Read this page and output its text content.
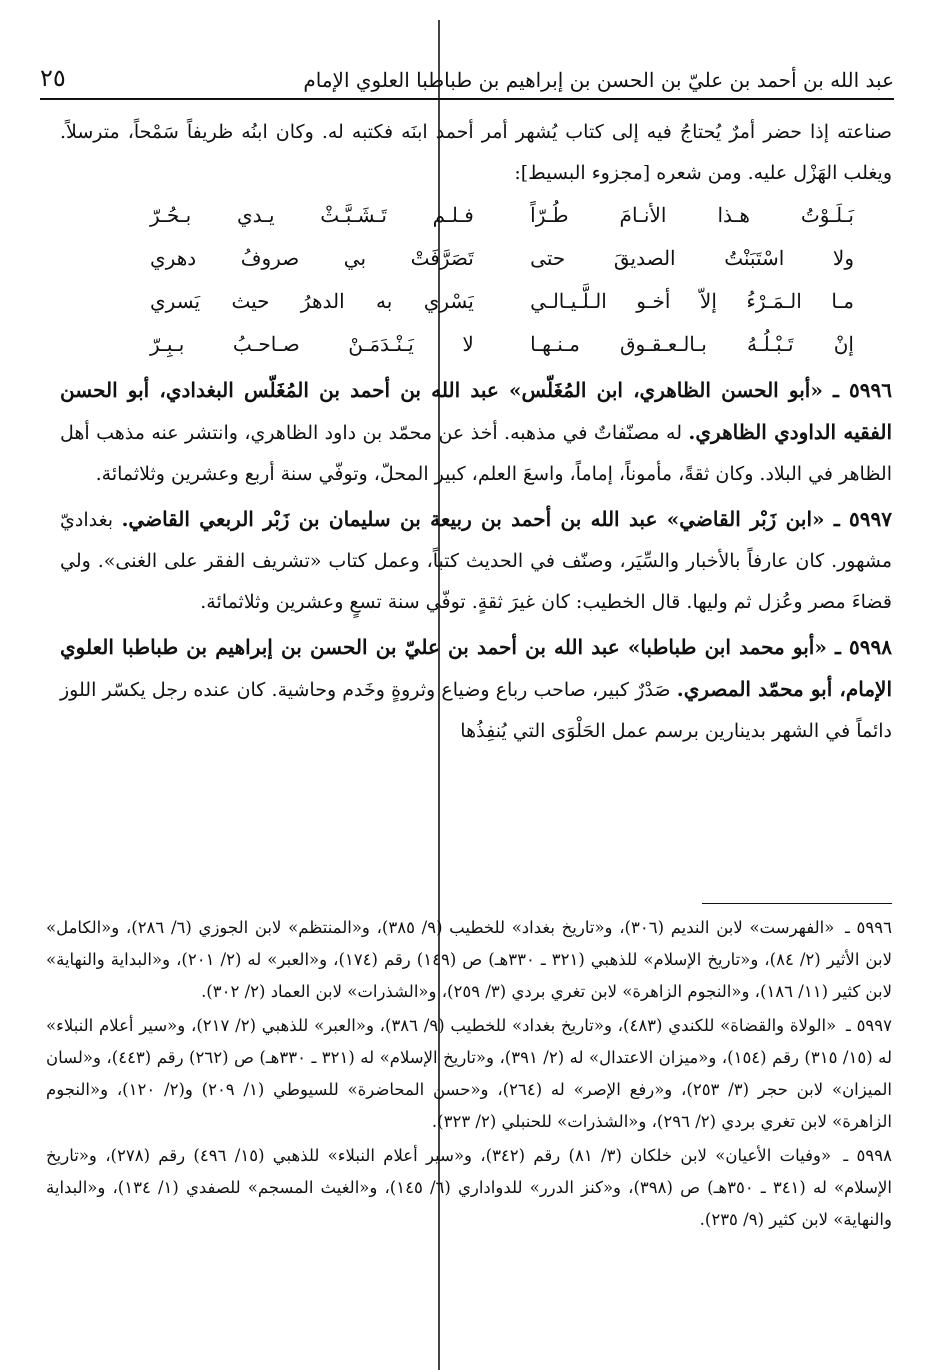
عبد الله بن أحمد بن عليّ بن الحسن بن إبراهيم بن طباطبا العلوي الإمام
٢٥

صناعته إذا حضر أمرٌ يُحتاجُ فيه إلى كتاب يُشهر أمر أحمد ابنَه فكتبه له. وكان ابنُه ظريفاً سَمْحاً، مترسلاً. ويغلب الهَزْل عليه. ومن شعره [مجزوء البسيط]:

بَـلَـوْتُ هـذا الأنـامَ طُـرّاً
فـلـم تَـشَـبَّـثْ يـدي بـحُـرّ
ولا اسْتَبَنْتُ الصديقَ حتى
تَصَرَّفَتْ بي صروفُ دهري
مـا الـمَـرْءُ إلاّ أخـو الـلَّـيـالـي
يَسْري به الدهرُ حيث يَسري
إنْ تَـبْـلُـهُ بـالـعـقـوق مـنـهـا
لا يَـنْـدَمَـنْ صـاحـبُ بـبِـرّ

٥٩٩٦ ـ «أبو الحسن الظاهري، ابن المُغَلّس» عبد الله بن أحمد بن المُغَلّس البغدادي، أبو الحسن الفقيه الداودي الظاهري. له مصنّفاتٌ في مذهبه. أخذ عن محمّد بن داود الظاهري، وانتشر عنه مذهب أهل الظاهر في البلاد. وكان ثقةً، مأموناً، إماماً، واسعَ العلم، كبير المحلّ، وتوفّي سنة أربع وعشرين وثلاثمائة.

٥٩٩٧ ـ «ابن زَبْر القاضي» عبد الله بن أحمد بن ربيعة بن سليمان بن زَبْر الربعي القاضي. بغداديّ مشهور. كان عارفاً بالأخبار والسِّيَر، وصنّف في الحديث كتباً، وعمل كتاب «تشريف الفقر على الغنى». ولي قضاءَ مصر وعُزل ثم وليها. قال الخطيب: كان غيرَ ثقةٍ. توفّي سنة تسعٍ وعشرين وثلاثمائة.

٥٩٩٨ ـ «أبو محمد ابن طباطبا» عبد الله بن أحمد بن عليّ بن الحسن بن إبراهيم بن طباطبا العلوي الإمام، أبو محمّد المصري. صَدْرٌ كبير، صاحب رباع وضياع وثروةٍ وخَدم وحاشية. كان عنده رجل يكسّر اللوز دائماً في الشهر بدينارين برسم عمل الحَلْوَى التي يُنفِذُها

٥٩٩٦ ـ «الفهرست» لابن النديم (٣٠٦)، و«تاريخ بغداد» للخطيب (٩/ ٣٨٥)، و«المنتظم» لابن الجوزي (٦/ ٢٨٦)، و«الكامل» لابن الأثير (٢/ ٨٤)، و«تاريخ الإسلام» للذهبي (٣٢١ ـ ٣٣٠هـ) ص (١٤٩) رقم (١٧٤)، و«العبر» له (٢/ ٢٠١)، و«البداية والنهاية» لابن كثير (١١/ ١٨٦)، و«النجوم الزاهرة» لابن تغري بردي (٣/ ٢٥٩)، و«الشذرات» لابن العماد (٢/ ٣٠٢).

٥٩٩٧ ـ «الولاة والقضاة» للكندي (٤٨٣)، و«تاريخ بغداد» للخطيب (٩/ ٣٨٦)، و«العبر» للذهبي (٢/ ٢١٧)، و«سير أعلام النبلاء» له (١٥/ ٣١٥) رقم (١٥٤)، و«ميزان الاعتدال» له (٢/ ٣٩١)، و«تاريخ الإسلام» له (٣٢١ ـ ٣٣٠هـ) ص (٢٦٢) رقم (٤٤٣)، و«لسان الميزان» لابن حجر (٣/ ٢٥٣)، و«رفع الإصر» له (٢٦٤)، و«حسن المحاضرة» للسيوطي (١/ ٢٠٩) و(٢/ ١٢٠)، و«النجوم الزاهرة» لابن تغري بردي (٢/ ٢٩٦)، و«الشذرات» للحنبلي (٢/ ٣٢٣).

٥٩٩٨ ـ «وفيات الأعيان» لابن خلكان (٣/ ٨١) رقم (٣٤٢)، و«سير أعلام النبلاء» للذهبي (١٥/ ٤٩٦) رقم (٢٧٨)، و«تاريخ الإسلام» له (٣٤١ ـ ٣٥٠هـ) ص (٣٩٨)، و«كنز الدرر» للدواداري (٦/ ١٤٥)، و«الغيث المسجم» للصفدي (١/ ١٣٤)، و«البداية والنهاية» لابن كثير (٩/ ٢٣٥).
